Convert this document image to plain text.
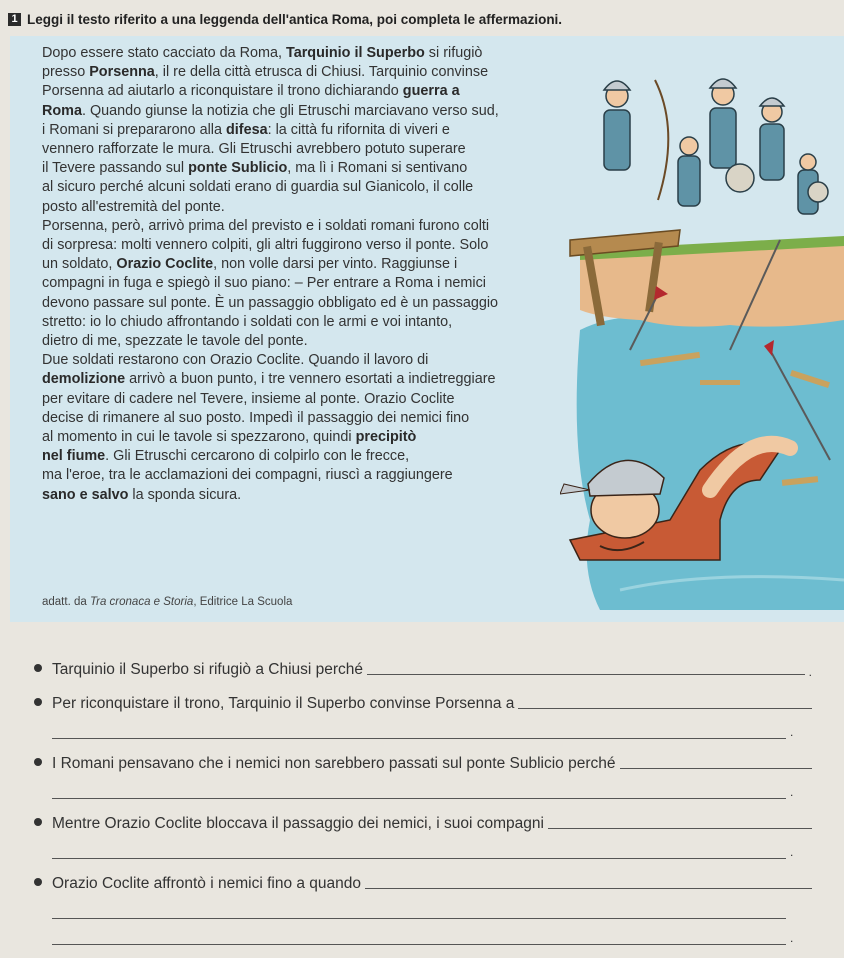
1 Leggi il testo riferito a una leggenda dell'antica Roma, poi completa le affermazioni.

Dopo essere stato cacciato da Roma, Tarquinio il Superbo si rifugiò

presso Porsenna, il re della città etrusca di Chiusi. Tarquinio convinse

Porsenna ad aiutarlo a riconquistare il trono dichiarando guerra a

Roma. Quando giunse la notizia che gli Etruschi marciavano verso sud,

i Romani si prepararono alla difesa: la città fu rifornita di viveri e

vennero rafforzate le mura. Gli Etruschi avrebbero potuto superare

il Tevere passando sul ponte Sublicio, ma lì i Romani si sentivano

al sicuro perché alcuni soldati erano di guardia sul Gianicolo, il colle

posto all'estremità del ponte.

Porsenna, però, arrivò prima del previsto e i soldati romani furono colti

di sorpresa: molti vennero colpiti, gli altri fuggirono verso il ponte. Solo

un soldato, Orazio Coclite, non volle darsi per vinto. Raggiunse i

compagni in fuga e spiegò il suo piano: – Per entrare a Roma i nemici

devono passare sul ponte. È un passaggio obbligato ed è un passaggio

stretto: io lo chiudo affrontando i soldati con le armi e voi intanto,

dietro di me, spezzate le tavole del ponte.

Due soldati restarono con Orazio Coclite. Quando il lavoro di

demolizione arrivò a buon punto, i tre vennero esortati a indietreggiare

per evitare di cadere nel Tevere, insieme al ponte. Orazio Coclite

decise di rimanere al suo posto. Impedì il passaggio dei nemici fino

al momento in cui le tavole si spezzarono, quindi precipitò

nel fiume. Gli Etruschi cercarono di colpirlo con le frecce,

ma l'eroe, tra le acclamazioni dei compagni, riuscì a raggiungere

sano e salvo la sponda sicura.

adatt. da Tra cronaca e Storia, Editrice La Scuola
Tarquinio il Superbo si rifugiò a Chiusi perché	.
Per riconquistare il trono, Tarquinio il Superbo convinse Porsenna a
.
I Romani pensavano che i nemici non sarebbero passati sul ponte Sublicio perché
.
Mentre Orazio Coclite bloccava il passaggio dei nemici, i suoi compagni
.
Orazio Coclite affrontò i nemici fino a quando
.
